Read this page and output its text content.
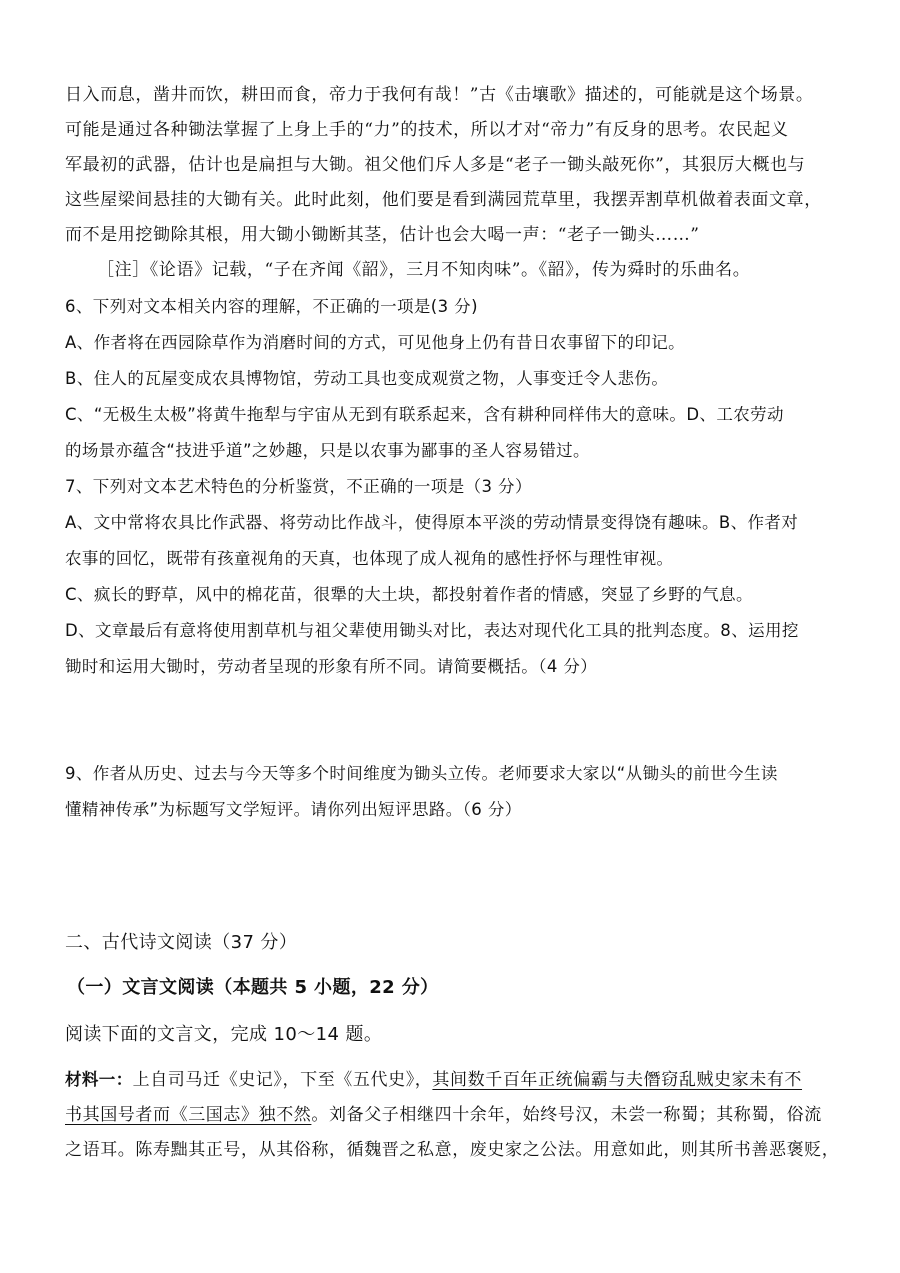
日入而息，凿井而饮，耕田而食，帝力于我何有哉！”古《击壤歌》描述的，可能就是这个场景。
可能是通过各种锄法掌握了上身上手的“力”的技术，所以才对“帝力”有反身的思考。农民起义
军最初的武器，估计也是扁担与大锄。祖父他们斥人多是“老子一锄头敲死你”，其狠厉大概也与
这些屋梁间悬挂的大锄有关。此时此刻，他们要是看到满园荒草里，我摆弄割草机做着表面文章，
而不是用挖锄除其根，用大锄小锄断其茎，估计也会大喝一声：“老子一锄头……”
［注］《论语》记载，“子在齐闻《韶》，三月不知肉味”。《韶》，传为舜时的乐曲名。
6、下列对文本相关内容的理解，不正确的一项是(3 分)
A、作者将在西园除草作为消磨时间的方式，可见他身上仍有昔日农事留下的印记。
B、住人的瓦屋变成农具博物馆，劳动工具也变成观赏之物，人事变迁令人悲伤。
C、“无极生太极”将黄牛拖犁与宇宙从无到有联系起来，含有耕种同样伟大的意味。D、工农劳动
的场景亦蕴含“技进乎道”之妙趣，只是以农事为鄙事的圣人容易错过。
7、下列对文本艺术特色的分析鉴赏，不正确的一项是（3 分）
A、文中常将农具比作武器、将劳动比作战斗，使得原本平淡的劳动情景变得饶有趣味。B、作者对
农事的回忆，既带有孩童视角的天真，也体现了成人视角的感性抒怀与理性审视。
C、疯长的野草，风中的棉花苗，很犟的大土块，都投射着作者的情感，突显了乡野的气息。
D、文章最后有意将使用割草机与祖父辈使用锄头对比，表达对现代化工具的批判态度。8、运用挖
锄时和运用大锄时，劳动者呈现的形象有所不同。请简要概括。（4 分）
9、作者从历史、过去与今天等多个时间维度为锄头立传。老师要求大家以“从锄头的前世今生读
懂精神传承”为标题写文学短评。请你列出短评思路。（6 分）
二、古代诗文阅读（37 分）
（一）文言文阅读（本题共 5 小题，22 分）
阅读下面的文言文，完成 10～14 题。
材料一：上自司马迁《史记》，下至《五代史》，其间数千百年正统偏霸与夫僭窃乱贼史家未有不
书其国号者而《三国志》独不然。刘备父子相继四十余年，始终号汉，未尝一称蜀；其称蜀，俗流
之语耳。陈寿黜其正号，从其俗称，循魏晋之私意，废史家之公法。用意如此，则其所书善恶褒贬，
